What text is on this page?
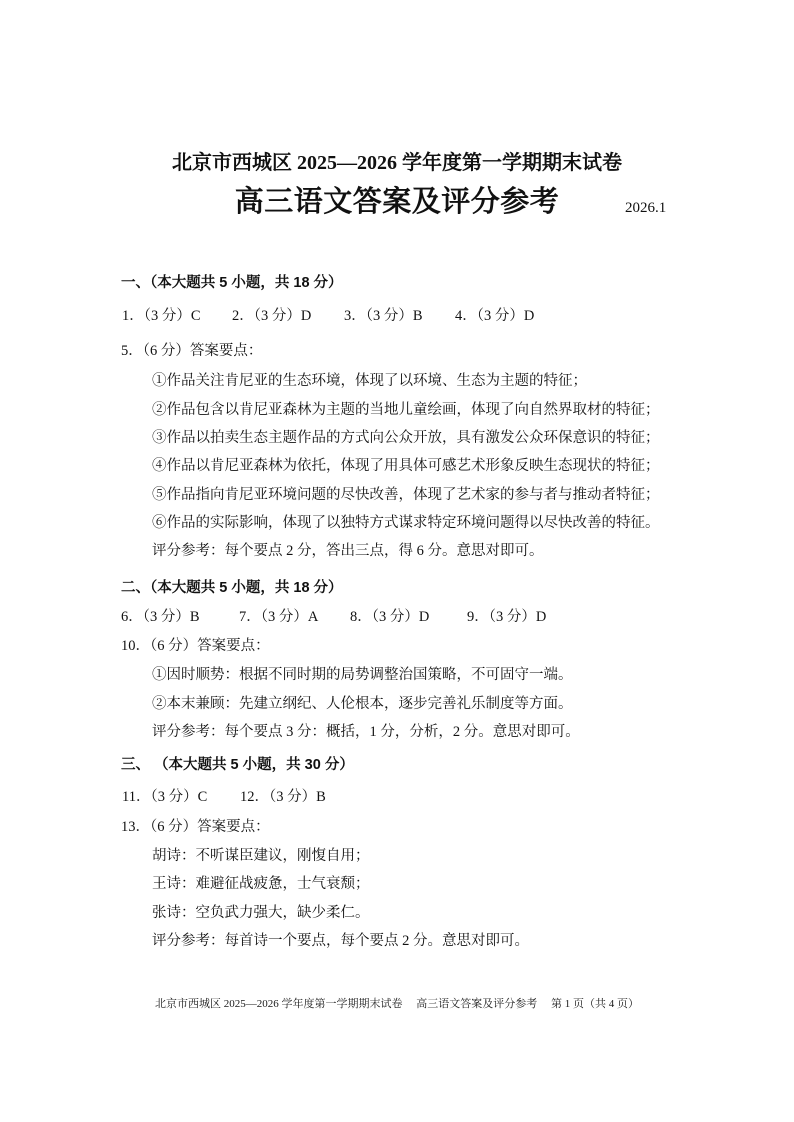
北京市西城区 2025—2026 学年度第一学期期末试卷
高三语文答案及评分参考	2026.1
一、（本大题共 5 小题，共 18 分）
1．（3 分）C 2．（3 分）D 3．（3 分）B 4．（3 分）D
5．（6 分）答案要点：
①作品关注肯尼亚的生态环境，体现了以环境、生态为主题的特征；
②作品包含以肯尼亚森林为主题的当地儿童绘画，体现了向自然界取材的特征；
③作品以拍卖生态主题作品的方式向公众开放，具有激发公众环保意识的特征；
④作品以肯尼亚森林为依托，体现了用具体可感艺术形象反映生态现状的特征；
⑤作品指向肯尼亚环境问题的尽快改善，体现了艺术家的参与者与推动者特征；
⑥作品的实际影响，体现了以独特方式谋求特定环境问题得以尽快改善的特征。
评分参考：每个要点 2 分，答出三点，得 6 分。意思对即可。
二、（本大题共 5 小题，共 18 分）
6．（3 分）B	7．（3 分）A 8．（3 分）D	9．（3 分）D
10．（6 分）答案要点：
①因时顺势：根据不同时期的局势调整治国策略，不可固守一端。
②本末兼顾：先建立纲纪、人伦根本，逐步完善礼乐制度等方面。
评分参考：每个要点 3 分：概括，1 分，分析，2 分。意思对即可。
三、 （本大题共 5 小题，共 30 分）
11．（3 分）C 12．（3 分）B
13．（6 分）答案要点：
胡诗：不听谋臣建议，刚愎自用；
王诗：难避征战疲惫，士气衰颓；
张诗：空负武力强大，缺少柔仁。
评分参考：每首诗一个要点，每个要点 2 分。意思对即可。
北京市西城区 2025—2026 学年度第一学期期末试卷　 高三语文答案及评分参考　 第 1 页（共 4 页）
